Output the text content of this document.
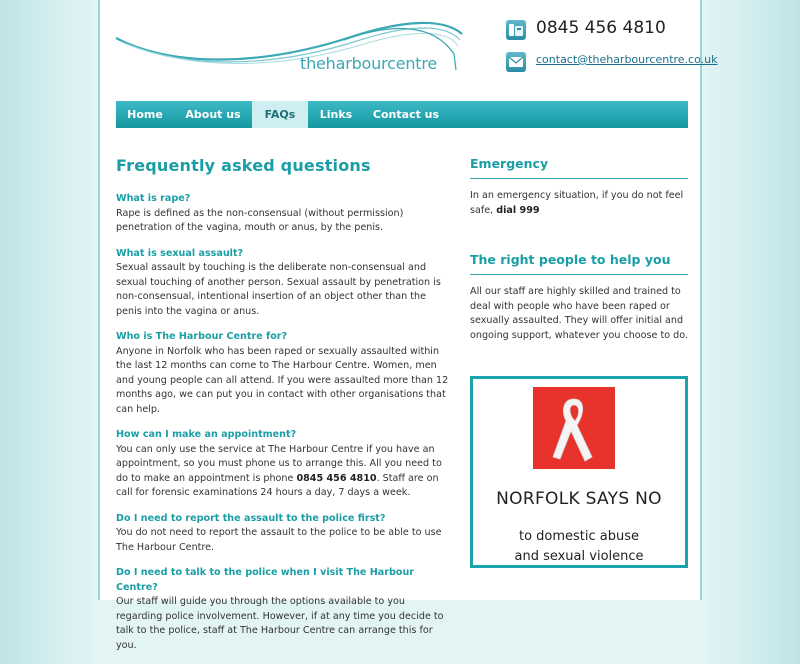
theharbourcentre
0845 456 4810
contact@theharbourcentre.co.uk
Home	About us	FAQs	Links	Contact us
Frequently asked questions
What is rape?
Rape is defined as the non-consensual (without permission) penetration of the vagina, mouth or anus, by the penis.
What is sexual assault?
Sexual assault by touching is the deliberate non-consensual and sexual touching of another person. Sexual assault by penetration is non-consensual, intentional insertion of an object other than the penis into the vagina or anus.
Who is The Harbour Centre for?
Anyone in Norfolk who has been raped or sexually assaulted within the last 12 months can come to The Harbour Centre. Women, men and young people can all attend. If you were assaulted more than 12 months ago, we can put you in contact with other organisations that can help.
How can I make an appointment?
You can only use the service at The Harbour Centre if you have an appointment, so you must phone us to arrange this. All you need to do to make an appointment is phone 0845 456 4810. Staff are on call for forensic examinations 24 hours a day, 7 days a week.
Do I need to report the assault to the police first?
You do not need to report the assault to the police to be able to use The Harbour Centre.
Do I need to talk to the police when I visit The Harbour Centre?
Our staff will guide you through the options available to you regarding police involvement. However, if at any time you decide to talk to the police, staff at The Harbour Centre can arrange this for you.
Emergency

In an emergency situation, if you do not feel safe, dial 999

The right people to help you

All our staff are highly skilled and trained to deal with people who have been raped or sexually assaulted. They will offer initial and ongoing support, whatever you choose to do.

NORFOLK SAYS NO
to domestic abuse
and sexual violence
